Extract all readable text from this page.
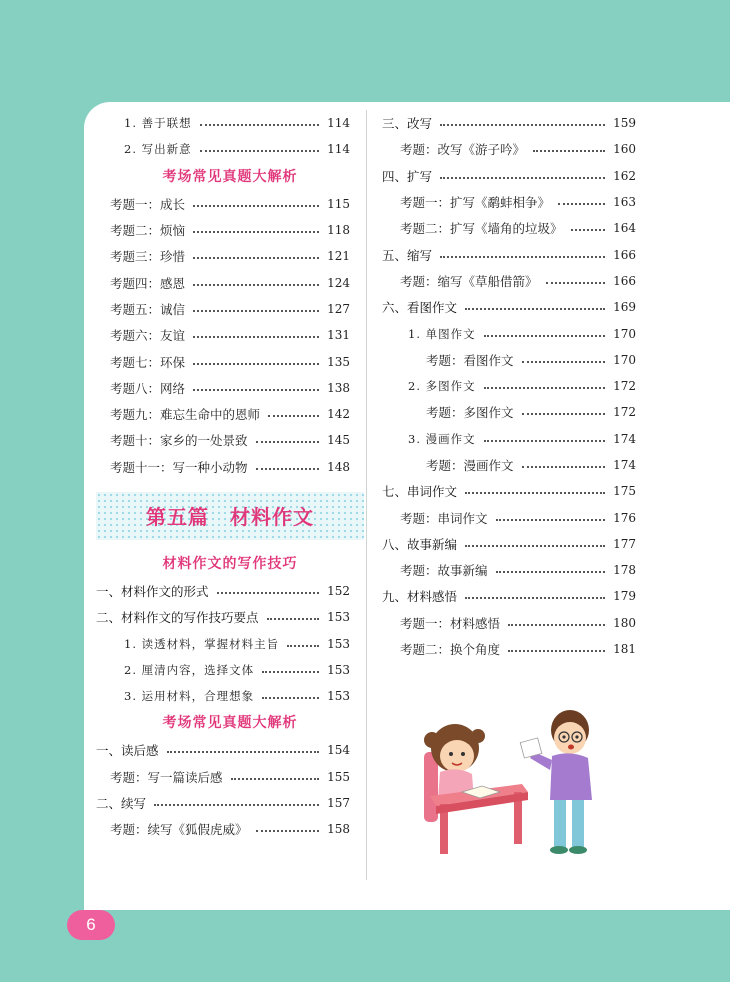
1. 善于联想	114
2. 写出新意	114
考场常见真题大解析
考题一：成长	115
考题二：烦恼	118
考题三：珍惜	121
考题四：感恩	124
考题五：诚信	127
考题六：友谊	131
考题七：环保	135
考题八：网络	138
考题九：难忘生命中的恩师	142
考题十：家乡的一处景致	145
考题十一：写一种小动物	148
第五篇　材料作文
材料作文的写作技巧
一、材料作文的形式	152
二、材料作文的写作技巧要点	153
1. 读透材料，掌握材料主旨	153
2. 厘清内容，选择文体	153
3. 运用材料，合理想象	153
考场常见真题大解析
一、读后感	154
考题：写一篇读后感	155
二、续写	157
考题：续写《狐假虎威》	158
三、改写	159
考题：改写《游子吟》	160
四、扩写	162
考题一：扩写《鹬蚌相争》	163
考题二：扩写《墙角的垃圾》	164
五、缩写	166
考题：缩写《草船借箭》	166
六、看图作文	169
1. 单图作文	170
考题：看图作文	170
2. 多图作文	172
考题：多图作文	172
3. 漫画作文	174
考题：漫画作文	174
七、串词作文	175
考题：串词作文	176
八、故事新编	177
考题：故事新编	178
九、材料感悟	179
考题一：材料感悟	180
考题二：换个角度	181
6
